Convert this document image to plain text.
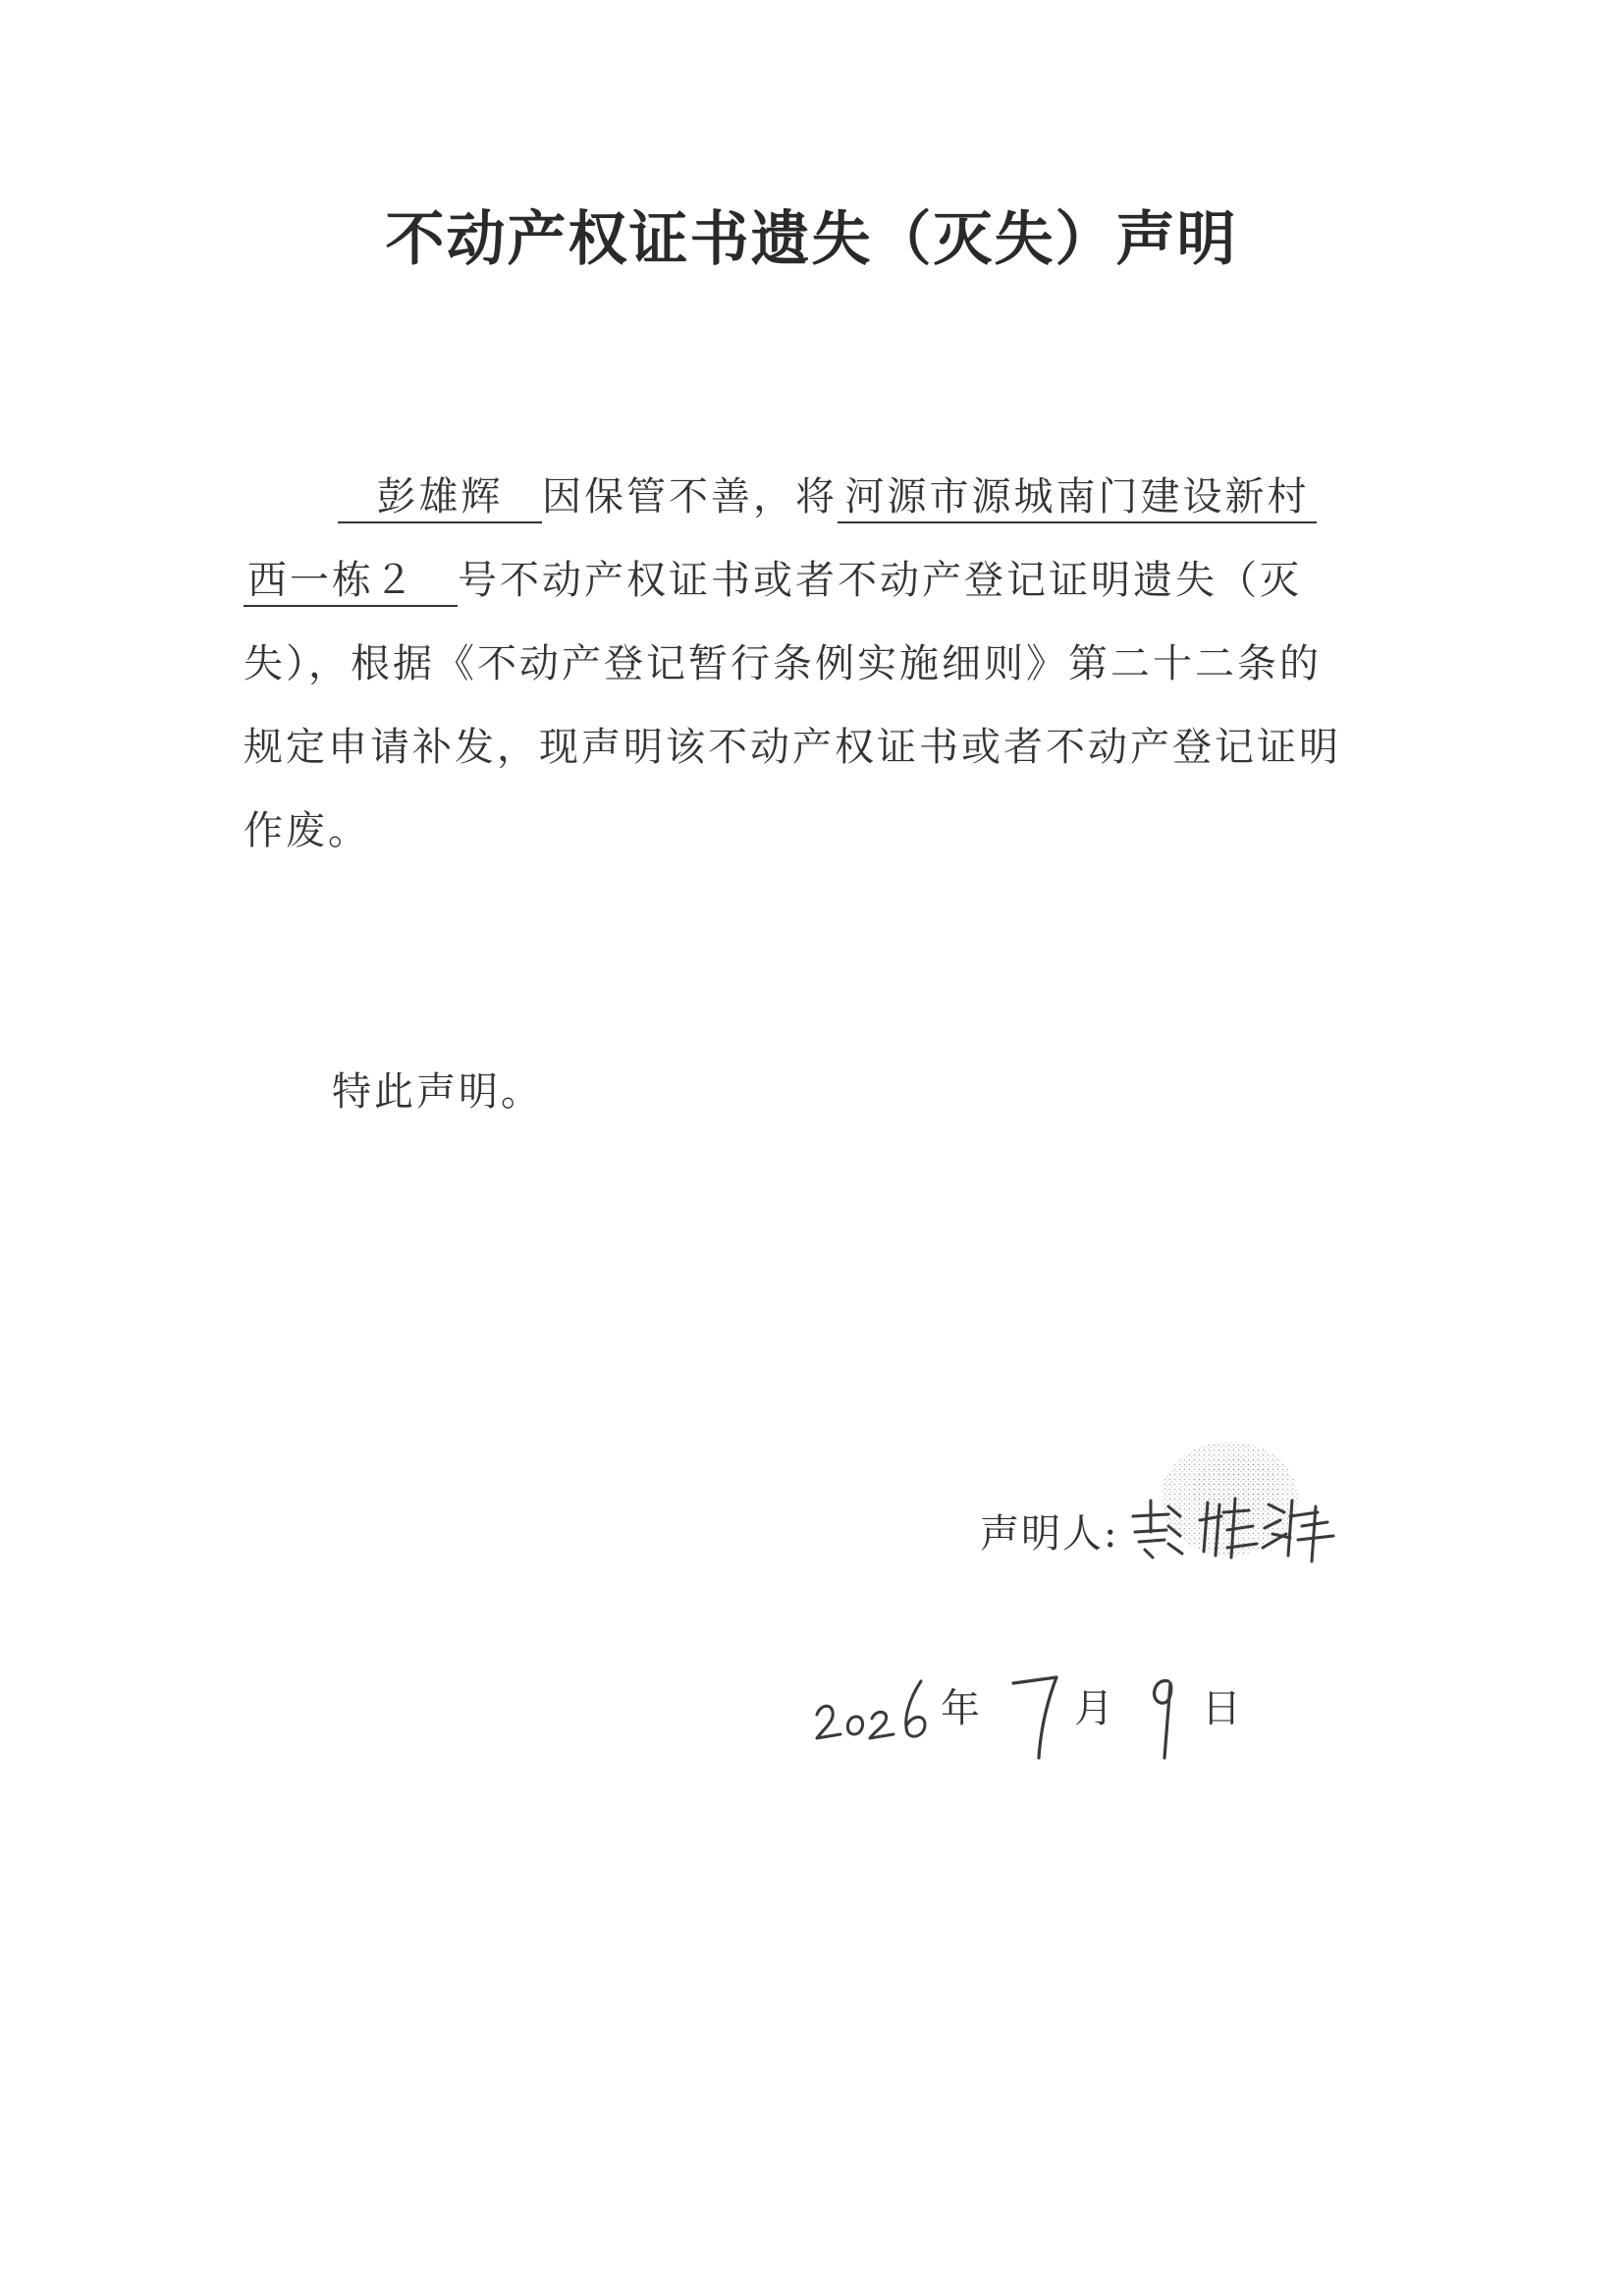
不动产权证书遗失（灭失）声明
彭雄辉 因保管不善，将 河源市源城南门建设新村
西一栋２ 号不动产权证书或者不动产登记证明遗失（灭
失），根据《不动产登记暂行条例实施细则》第二十二条的
规定申请补发，现声明该不动产权证书或者不动产登记证明
作废。
特此声明。
声明人:
年 月 日
